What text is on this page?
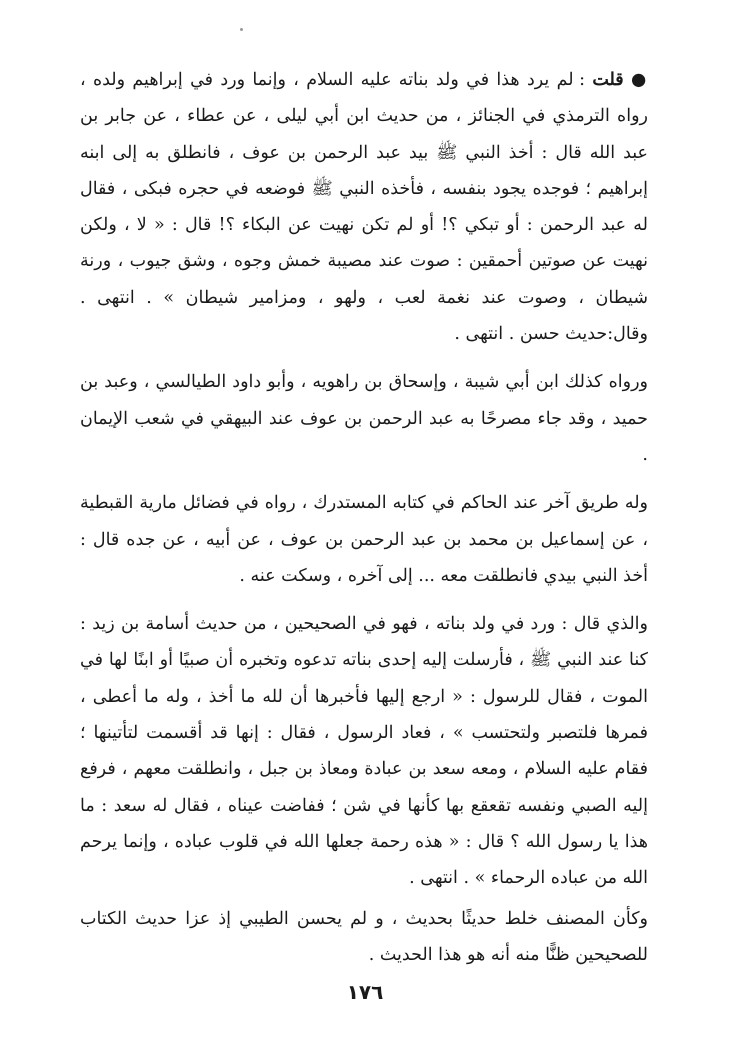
● قلت : لم يرد هذا في ولد بناته عليه السلام ، وإنما ورد في إبراهيم ولده ، رواه الترمذي في الجنائز ، من حديث ابن أبي ليلى ، عن عطاء ، عن جابر بن عبد الله قال : أخذ النبي ﷺ بيد عبد الرحمن بن عوف ، فانطلق به إلى ابنه إبراهيم ؛ فوجده يجود بنفسه ، فأخذه النبي ﷺ فوضعه في حجره فبكى ، فقال له عبد الرحمن : أو تبكي ؟! أو لم تكن نهيت عن البكاء ؟! قال : « لا ، ولكن نهيت عن صوتين أحمقين : صوت عند مصيبة خمش وجوه ، وشق جيوب ، ورنة شيطان ، وصوت عند نغمة لعب ، ولهو ، ومزامير شيطان » . انتهى . وقال:حديث حسن . انتهى .

ورواه كذلك ابن أبي شيبة ، وإسحاق بن راهويه ، وأبو داود الطيالسي ، وعبد بن حميد ، وقد جاء مصرحًا به عبد الرحمن بن عوف عند البيهقي في شعب الإيمان .

وله طريق آخر عند الحاكم في كتابه المستدرك ، رواه في فضائل مارية القبطية ، عن إسماعيل بن محمد بن عبد الرحمن بن عوف ، عن أبيه ، عن جده قال : أخذ النبي بيدي فانطلقت معه ... إلى آخره ، وسكت عنه .

والذي قال : ورد في ولد بناته ، فهو في الصحيحين ، من حديث أسامة بن زيد : كنا عند النبي ﷺ ، فأرسلت إليه إحدى بناته تدعوه وتخبره أن صبيًا أو ابنًا لها في الموت ، فقال للرسول : « ارجع إليها فأخبرها أن لله ما أخذ ، وله ما أعطى ، فمرها فلتصبر ولتحتسب » ، فعاد الرسول ، فقال : إنها قد أقسمت لتأتينها ؛ فقام عليه السلام ، ومعه سعد بن عبادة ومعاذ بن جبل ، وانطلقت معهم ، فرفع إليه الصبي ونفسه تقعقع بها كأنها في شن ؛ ففاضت عيناه ، فقال له سعد : ما هذا يا رسول الله ؟ قال : « هذه رحمة جعلها الله في قلوب عباده ، وإنما يرحم الله من عباده الرحماء » . انتهى .

وكأن المصنف خلط حديثًا بحديث ، و لم يحسن الطيبي إذ عزا حديث الكتاب للصحيحين ظنًّا منه أنه هو هذا الحديث .

١٧٦
